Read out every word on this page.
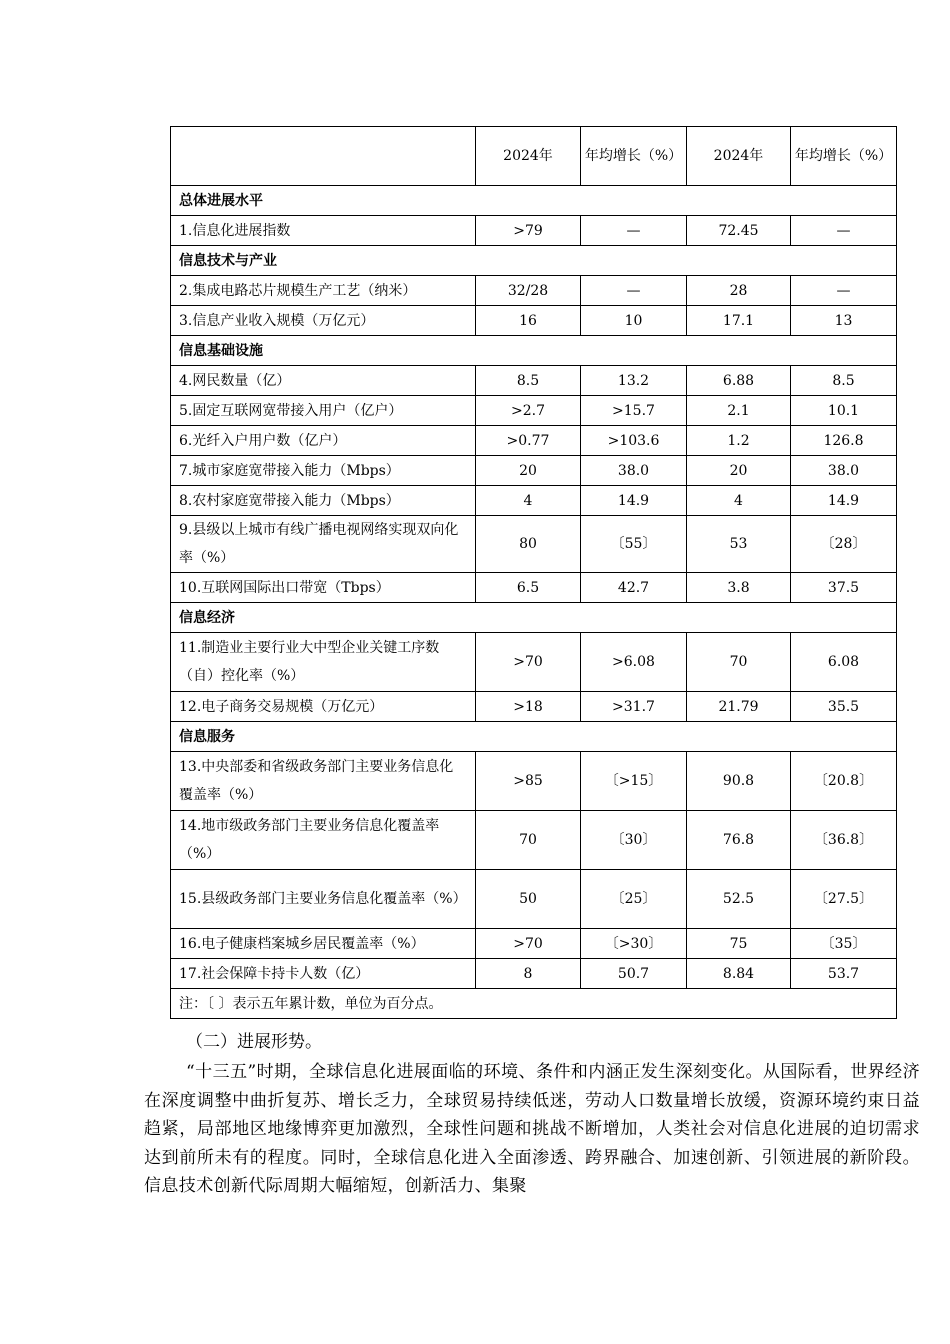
	2024年	年均增长（%）	2024年	年均增长（%）
总体进展水平				
1.信息化进展指数	>79	—	72.45	—
信息技术与产业				
2.集成电路芯片规模生产工艺（纳米）	32/28	—	28	—
3.信息产业收入规模（万亿元）	16	10	17.1	13
信息基础设施				
4.网民数量（亿）	8.5	13.2	6.88	8.5
5.固定互联网宽带接入用户（亿户）	>2.7	>15.7	2.1	10.1
6.光纤入户用户数（亿户）	>0.77	>103.6	1.2	126.8
7.城市家庭宽带接入能力（Mbps）	20	38.0	20	38.0
8.农村家庭宽带接入能力（Mbps）	4	14.9	4	14.9
9.县级以上城市有线广播电视网络实现双向化率（%）	80	〔55〕	53	〔28〕
10.互联网国际出口带宽（Tbps）	6.5	42.7	3.8	37.5
信息经济				
11.制造业主要行业大中型企业关键工序数（自）控化率（%）	>70	>6.08	70	6.08
12.电子商务交易规模（万亿元）	>18	>31.7	21.79	35.5
信息服务				
13.中央部委和省级政务部门主要业务信息化覆盖率（%）	>85	〔>15〕	90.8	〔20.8〕
14.地市级政务部门主要业务信息化覆盖率（%）	70	〔30〕	76.8	〔36.8〕
15.县级政务部门主要业务信息化覆盖率（%）	50	〔25〕	52.5	〔27.5〕
16.电子健康档案城乡居民覆盖率（%）	>70	〔>30〕	75	〔35〕
17.社会保障卡持卡人数（亿）	8	50.7	8.84	53.7
注：〔 〕表示五年累计数，单位为百分点。				

（二）进展形势。

“十三五”时期，全球信息化进展面临的环境、条件和内涵正发生深刻变化。从国际看，世界经济在深度调整中曲折复苏、增长乏力，全球贸易持续低迷，劳动人口数量增长放缓，资源环境约束日益趋紧，局部地区地缘博弈更加激烈，全球性问题和挑战不断增加，人类社会对信息化进展的迫切需求达到前所未有的程度。同时，全球信息化进入全面渗透、跨界融合、加速创新、引领进展的新阶段。信息技术创新代际周期大幅缩短，创新活力、集聚
